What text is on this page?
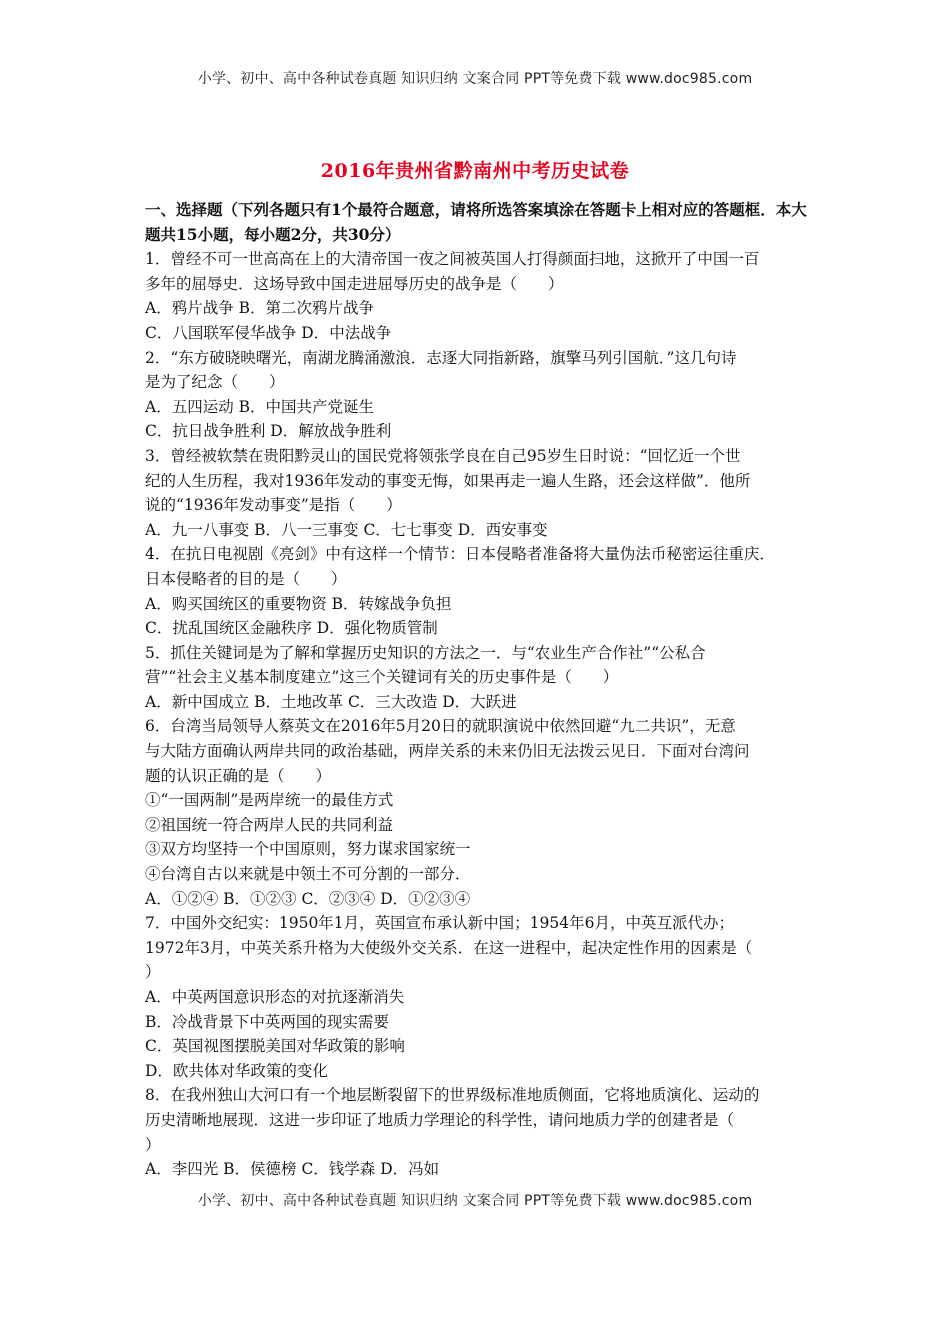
小学、初中、高中各种试卷真题 知识归纳 文案合同 PPT等免费下载 www.doc985.com
2016年贵州省黔南州中考历史试卷

一、选择题（下列各题只有1个最符合题意，请将所选答案填涂在答题卡上相对应的答题框．本大题共15小题，每小题2分，共30分）

1．曾经不可一世高高在上的大清帝国一夜之间被英国人打得颜面扫地，这掀开了中国一百

多年的屈辱史．这场导致中国走进屈辱历史的战争是（　　）

A．鸦片战争 B．第二次鸦片战争

C．八国联军侵华战争 D．中法战争

2．“东方破晓映曙光，南湖龙腾涌激浪．志逐大同指新路，旗擎马列引国航．”这几句诗

是为了纪念（　　）

A．五四运动 B．中国共产党诞生

C．抗日战争胜利 D．解放战争胜利

3．曾经被软禁在贵阳黔灵山的国民党将领张学良在自己95岁生日时说：“回忆近一个世

纪的人生历程，我对1936年发动的事变无悔，如果再走一遍人生路，还会这样做”．他所

说的“1936年发动事变”是指（　　）

A．九一八事变 B．八一三事变 C．七七事变 D．西安事变

4．在抗日电视剧《亮剑》中有这样一个情节：日本侵略者准备将大量伪法币秘密运往重庆．

日本侵略者的目的是（　　）

A．购买国统区的重要物资 B．转嫁战争负担

C．扰乱国统区金融秩序 D．强化物质管制

5．抓住关键词是为了解和掌握历史知识的方法之一．与“农业生产合作社”“公私合

营”“社会主义基本制度建立”这三个关键词有关的历史事件是（　　）

A．新中国成立 B．土地改革 C．三大改造 D．大跃进

6．台湾当局领导人蔡英文在2016年5月20日的就职演说中依然回避“九二共识”，无意

与大陆方面确认两岸共同的政治基础，两岸关系的未来仍旧无法拨云见日．下面对台湾问

题的认识正确的是（　　）

①“一国两制”是两岸统一的最佳方式

②祖国统一符合两岸人民的共同利益

③双方均坚持一个中国原则，努力谋求国家统一

④台湾自古以来就是中领土不可分割的一部分．

A．①②④ B．①②③ C．②③④ D．①②③④

7．中国外交纪实：1950年1月，英国宣布承认新中国；1954年6月，中英互派代办；

1972年3月，中英关系升格为大使级外交关系．在这一进程中，起决定性作用的因素是（

）

A．中英两国意识形态的对抗逐渐消失

B．冷战背景下中英两国的现实需要

C．英国视图摆脱美国对华政策的影响

D．欧共体对华政策的变化

8．在我州独山大河口有一个地层断裂留下的世界级标准地质侧面，它将地质演化、运动的

历史清晰地展现．这进一步印证了地质力学理论的科学性，请问地质力学的创建者是（

）

A．李四光 B．侯德榜 C．钱学森 D．冯如

小学、初中、高中各种试卷真题 知识归纳 文案合同 PPT等免费下载 www.doc985.com
